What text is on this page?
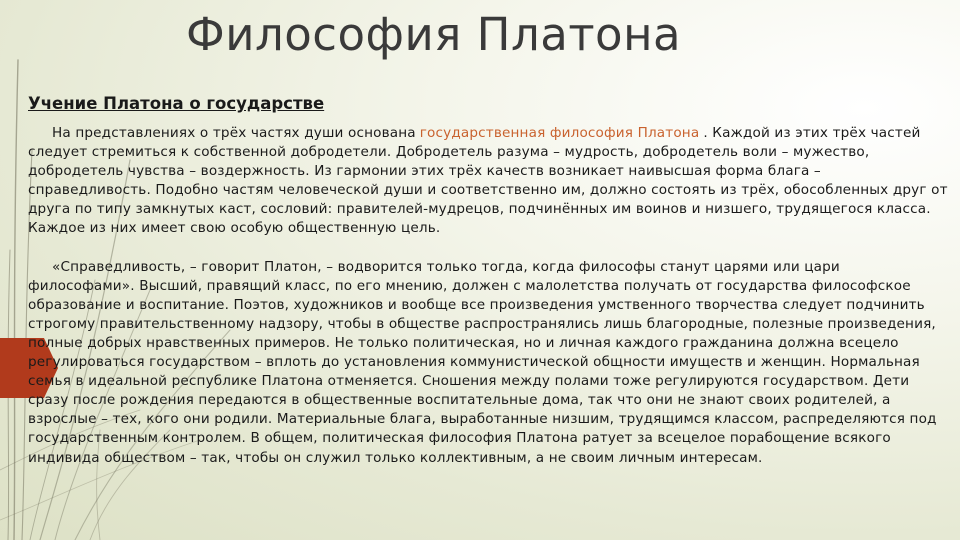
Философия Платона
Учение Платона о государстве

На представлениях о трёх частях души основана государственная философия Платона . Каждой из этих трёх частей следует стремиться к собственной добродетели. Добродетель разума – мудрость, добродетель воли – мужество, добродетель чувства – воздержность. Из гармонии этих трёх качеств возникает наивысшая форма блага – справедливость. Подобно частям человеческой души и соответственно им, должно состоять из трёх, обособленных друг от друга по типу замкнутых каст, сословий: правителей-мудрецов, подчинённых им воинов и низшего, трудящегося класса. Каждое из них имеет свою особую общественную цель.

«Справедливость, – говорит Платон, – водворится только тогда, когда философы станут царями или цари философами». Высший, правящий класс, по его мнению, должен с малолетства получать от государства философское образование и воспитание. Поэтов, художников и вообще все произведения умственного творчества следует подчинить строгому правительственному надзору, чтобы в обществе распространялись лишь благородные, полезные произведения, полные добрых нравственных примеров. Не только политическая, но и личная каждого гражданина должна всецело регулироваться государством – вплоть до установления коммунистической общности имуществ и женщин. Нормальная семья в идеальной республике Платона отменяется. Сношения между полами тоже регулируются государством. Дети сразу после рождения передаются в общественные воспитательные дома, так что они не знают своих родителей, а взрослые – тех, кого они родили. Материальные блага, выработанные низшим, трудящимся классом, распределяются под государственным контролем. В общем, политическая философия Платона ратует за всецелое порабощение всякого индивида обществом – так, чтобы он служил только коллективным, а не своим личным интересам.
